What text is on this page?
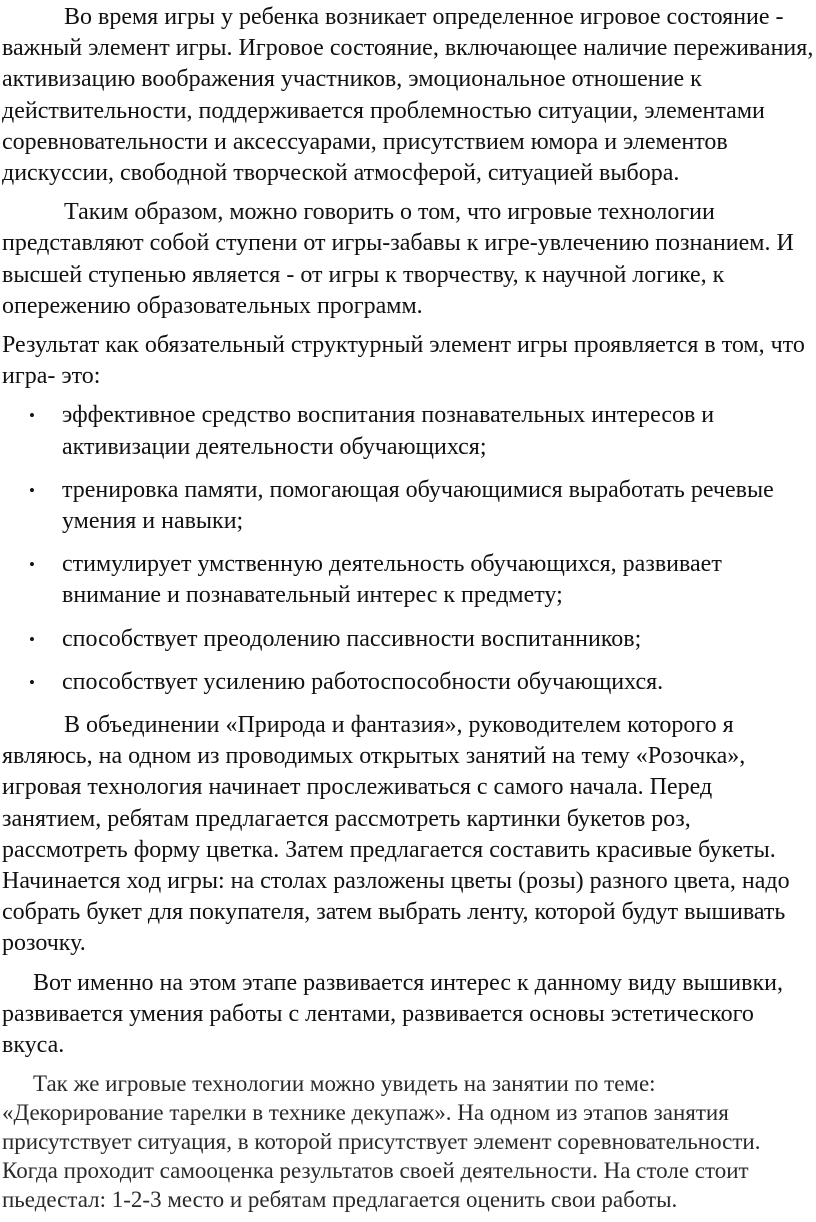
Во время игры у ребенка возникает определенное игровое состояние - важный элемент игры. Игровое состояние, включающее наличие переживания, активизацию воображения участников, эмоциональное отношение к действительности, поддерживается проблемностью ситуации, элементами соревновательности и аксессуарами, присутствием юмора и элементов дискуссии, свободной творческой атмосферой, ситуацией выбора.

Таким образом, можно говорить о том, что игровые технологии представляют собой ступени от игры-забавы к игре-увлечению познанием. И высшей ступенью является - от игры к творчеству, к научной логике, к опережению образовательных программ.

Результат как обязательный структурный элемент игры проявляется в том, что игра- это:

• эффективное средство воспитания познавательных интересов и активизации деятельности обучающихся;
• тренировка памяти, помогающая обучающимися выработать речевые умения и навыки;
• стимулирует умственную деятельность обучающихся, развивает внимание и познавательный интерес к предмету;
• способствует преодолению пассивности воспитанников;
• способствует усилению работоспособности обучающихся.

В объединении «Природа и фантазия», руководителем которого я являюсь, на одном из проводимых открытых занятий на тему «Розочка», игровая технология начинает прослеживаться с самого начала. Перед занятием, ребятам предлагается рассмотреть картинки букетов роз, рассмотреть форму цветка. Затем предлагается составить красивые букеты. Начинается ход игры: на столах разложены цветы (розы) разного цвета, надо собрать букет для покупателя, затем выбрать ленту, которой будут вышивать розочку.

Вот именно на этом этапе развивается интерес к данному виду вышивки, развивается умения работы с лентами, развивается основы эстетического вкуса.

Так же игровые технологии можно увидеть на занятии по теме: «Декорирование тарелки в технике декупаж». На одном из этапов занятия присутствует ситуация, в которой присутствует элемент соревновательности. Когда проходит самооценка результатов своей деятельности. На столе стоит пьедестал: 1-2-3 место и ребятам предлагается оценить свои работы.
